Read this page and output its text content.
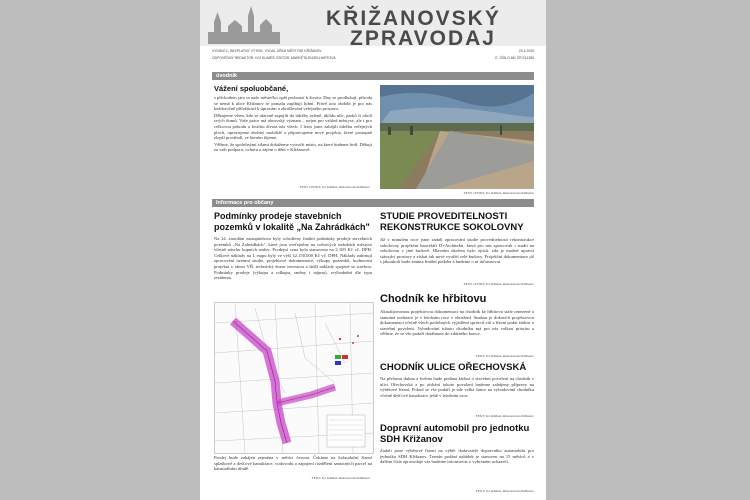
KŘIŽANOVSKÝ
ZPRAVODAJ
VYDÁNÍ 2., BEZPLATNÝ VÝTISK, VYDAL ÚŘAD MĚSTYSE KŘIŽANOV	23.4.2025
ODPOVĚDNÝ REDAKTOR: IVO KLIMEŠ, EDITOR: MARKÉTA ENGELHARTOVÁ	E. ČÍSLO MK ČR E11285
úvodník
Vážení spoluobčané,
s příchodem jara se naše městečko opět probouzí k životu. Dny se prodlužují, příroda se nemá k ulice Křižanov se pomalu zaplňují lidmi. Právě toto období je pro nás každoročně příležitostí k úpravám a zkrášlování veřejného prostoru.
Děkujeme všem, kdo se aktivně zapojili do údržby zeleně, úklidu ulic, parků či okolí svých domů. Vaše práce má obrovský význam – nejen pro vzhled městyse, ale i pro celkovou pohodu a kvalitu života nás všech. I letos jsme zahájili údržbu veřejných ploch, opravujeme drobný mobiliář a připravujeme nové projekty, které postupně zlepší prostředí, ve kterém žijeme.
Věříme, že společnými silami dokážeme vytvořit místo, na které budeme hrdí. Děkuji za vaši podporu, ochotu a zájem o dění v Křižanově.
TEXT a FOTO: Ivo Klimeš, místostarosta Křižanov
TEXT a FOTO: Ivo Klimeš, místostarosta Křižanov
Informace pro občany
Podmínky prodeje stavebních pozemků v lokalitě „Na Zahrádkách"
Na 24. zasedání zastupitelstva byly schváleny finální podmínky prodeje stavebních pozemků „Na Zahrádkách", které jsou zveřejněny na webových stránkách městyse včetně návrhu kupních smluv. Prodejní cena byla stanovena na 2.100 Kč vč. DPH. Celkové náklady na I. etapu byly ve výši 32.150.000 Kč vč. DPH. Náklady zahrnují zpracování územní studie, projektové dokumentace, výkupy pozemků, bodnocení projektu v rámci VŘ, technický dozor investora a další náklady spojené se stavbou. Podmínky prodeje (výkupu a odkupu, směny i nájmu), zvýhodnění dle typu rezidenta.
Prodej bude zahájen zejména v měsíci červnu. Čekáme na kolaudační řízení splaškové a dešťové kanalizace, vodovodu a zapojení rozdělení samotných parcel na katastrálním úřadě.
TEXT: Ivo Klimeš, místostarosta Křižanov
STUDIE PROVEDITELNOSTI REKONSTRUKCE SOKOLOVNY
Již v minulém roce jsme zadali zpracování studie proveditelnosti rekonstrukce sokolovny projekční kanceláři D+Architekti, která pro nás zpracovali i studii na sokolovnu v jiné budově. Hlavním úkolem bylo zjistit, zda je možné upravit stávající prostory a získat tak nové využití celé budovy. Projekční dokumentace již s jakoukoli bude známa finální podoba a budeme o ní informovat.
TEXT a FOTO: Ivo Klimeš, místostarosta Křižanov
Chodník ke hřbitovu
Aktualizovanou projektovou dokumentaci na chodník ke hřbitovu stále omezené a samotná realizace je v letošním roce v ohrožení. Snahou je dokončit projektovou dokumentaci včetně všech potřebných vyjádření správců sítí a řízení podat žádost o stavební povolení. Vybudování tohoto chodníku má pro nás velkou prioritu a věříme, že se vše podaří dotáhnout do zdárného konce.
TEXT: Ivo Klimeš, místostarosta Křižanov
CHODNÍK ULICE OŘECHOVSKÁ
Na přelomu dubna a května bude podána žádost o stavební povolení na chodník v ulici Ořechovská a po získání tohoto povolení budeme zahájeny přípravy na výběrové řízení. Pokud se vše podaří je zde velká šance na vybudování chodníku včetně dešťové kanalizace ještě v letošním roce.
TEXT: Ivo Klimeš, místostarosta Křižanov
Dopravní automobil pro jednotku SDH Křižanov
Zadali jsme výběrové řízení na výběr dodavatele dopravního automobilu pro jednotku SDH Křižanov. Termín podání nabídek je stanoven na 15 měsíců a v dalším čísle zpravodaje vás budeme informovat o vybraném uchazeči.
TEXT: Ivo Klimeš, místostarosta Křižanov
